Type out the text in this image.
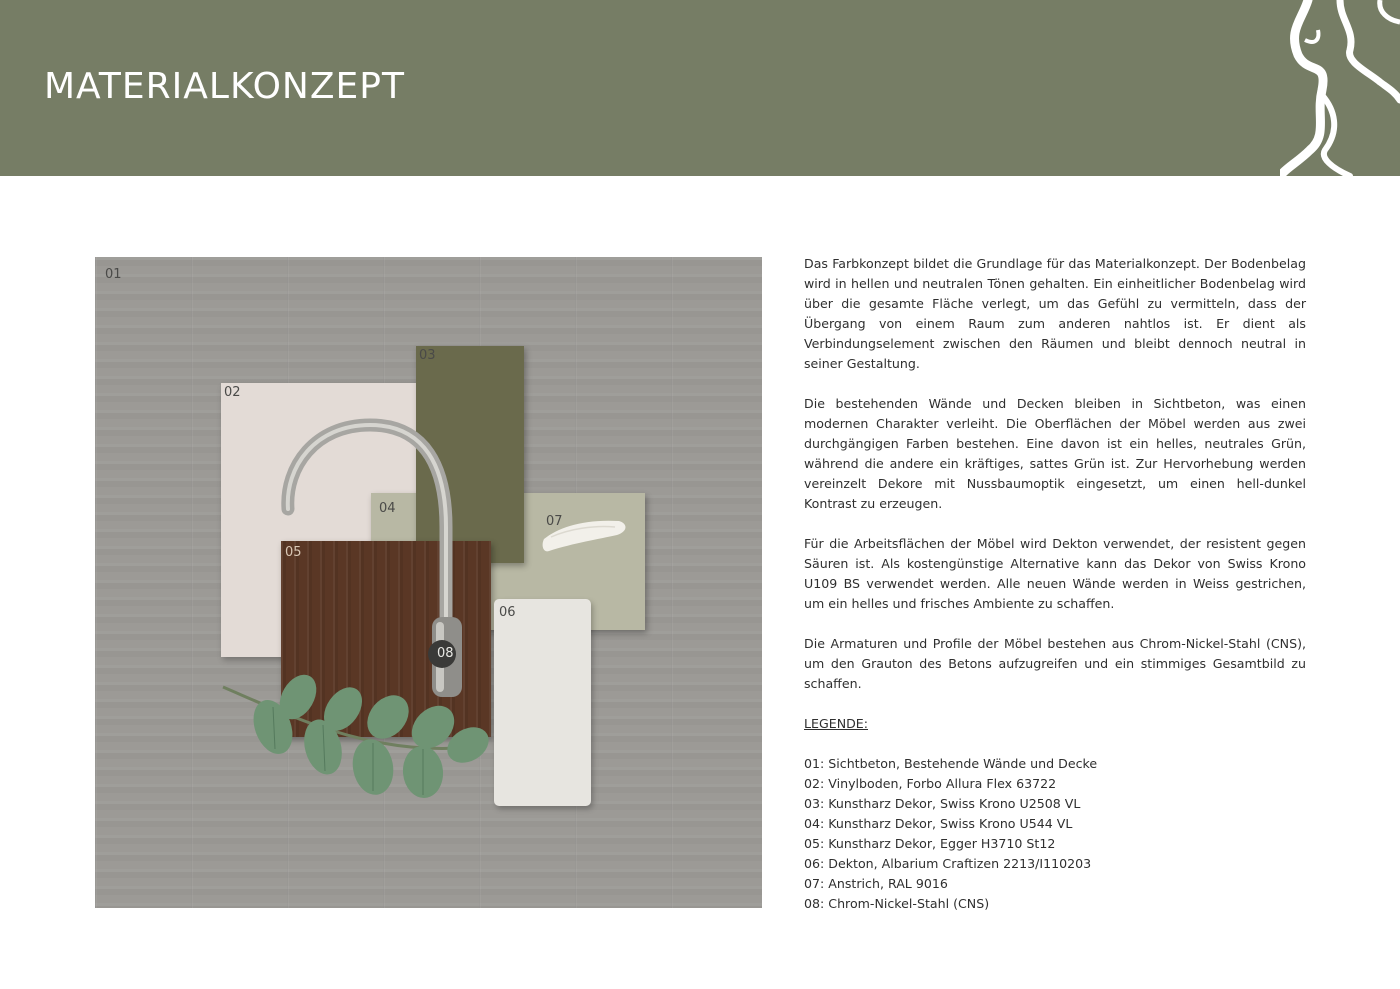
MATERIALKONZEPT
01
02
03
04
07
05
08
06

Das Farbkonzept bildet die Grundlage für das Materialkonzept. Der Bodenbelag wird in hellen und neutralen Tönen gehalten. Ein einheitlicher Bodenbelag wird über die gesamte Fläche verlegt, um das Gefühl zu vermitteln, dass der Übergang von einem Raum zum anderen nahtlos ist. Er dient als Verbindungselement zwischen den Räumen und bleibt dennoch neutral in seiner Gestaltung.

Die bestehenden Wände und Decken bleiben in Sichtbeton, was einen modernen Charakter verleiht. Die Oberflächen der Möbel werden aus zwei durchgängigen Farben bestehen. Eine davon ist ein helles, neutrales Grün, während die andere ein kräftiges, sattes Grün ist. Zur Hervorhebung werden vereinzelt Dekore mit Nussbaumoptik eingesetzt, um einen hell-dunkel Kontrast zu erzeugen.

Für die Arbeitsflächen der Möbel wird Dekton verwendet, der resistent gegen Säuren ist. Als kostengünstige Alternative kann das Dekor von Swiss Krono U109 BS verwendet werden. Alle neuen Wände werden in Weiss gestrichen, um ein helles und frisches Ambiente zu schaffen.

Die Armaturen und Profile der Möbel bestehen aus Chrom-Nickel-Stahl (CNS), um den Grauton des Betons aufzugreifen und ein stimmiges Gesamtbild zu schaffen.

LEGENDE:

01: Sichtbeton, Bestehende Wände und Decke
02: Vinylboden, Forbo Allura Flex 63722
03: Kunstharz Dekor, Swiss Krono U2508 VL
04: Kunstharz Dekor, Swiss Krono U544 VL
05: Kunstharz Dekor, Egger H3710 St12
06: Dekton, Albarium Craftizen 2213/I110203
07: Anstrich, RAL 9016
08: Chrom-Nickel-Stahl (CNS)
